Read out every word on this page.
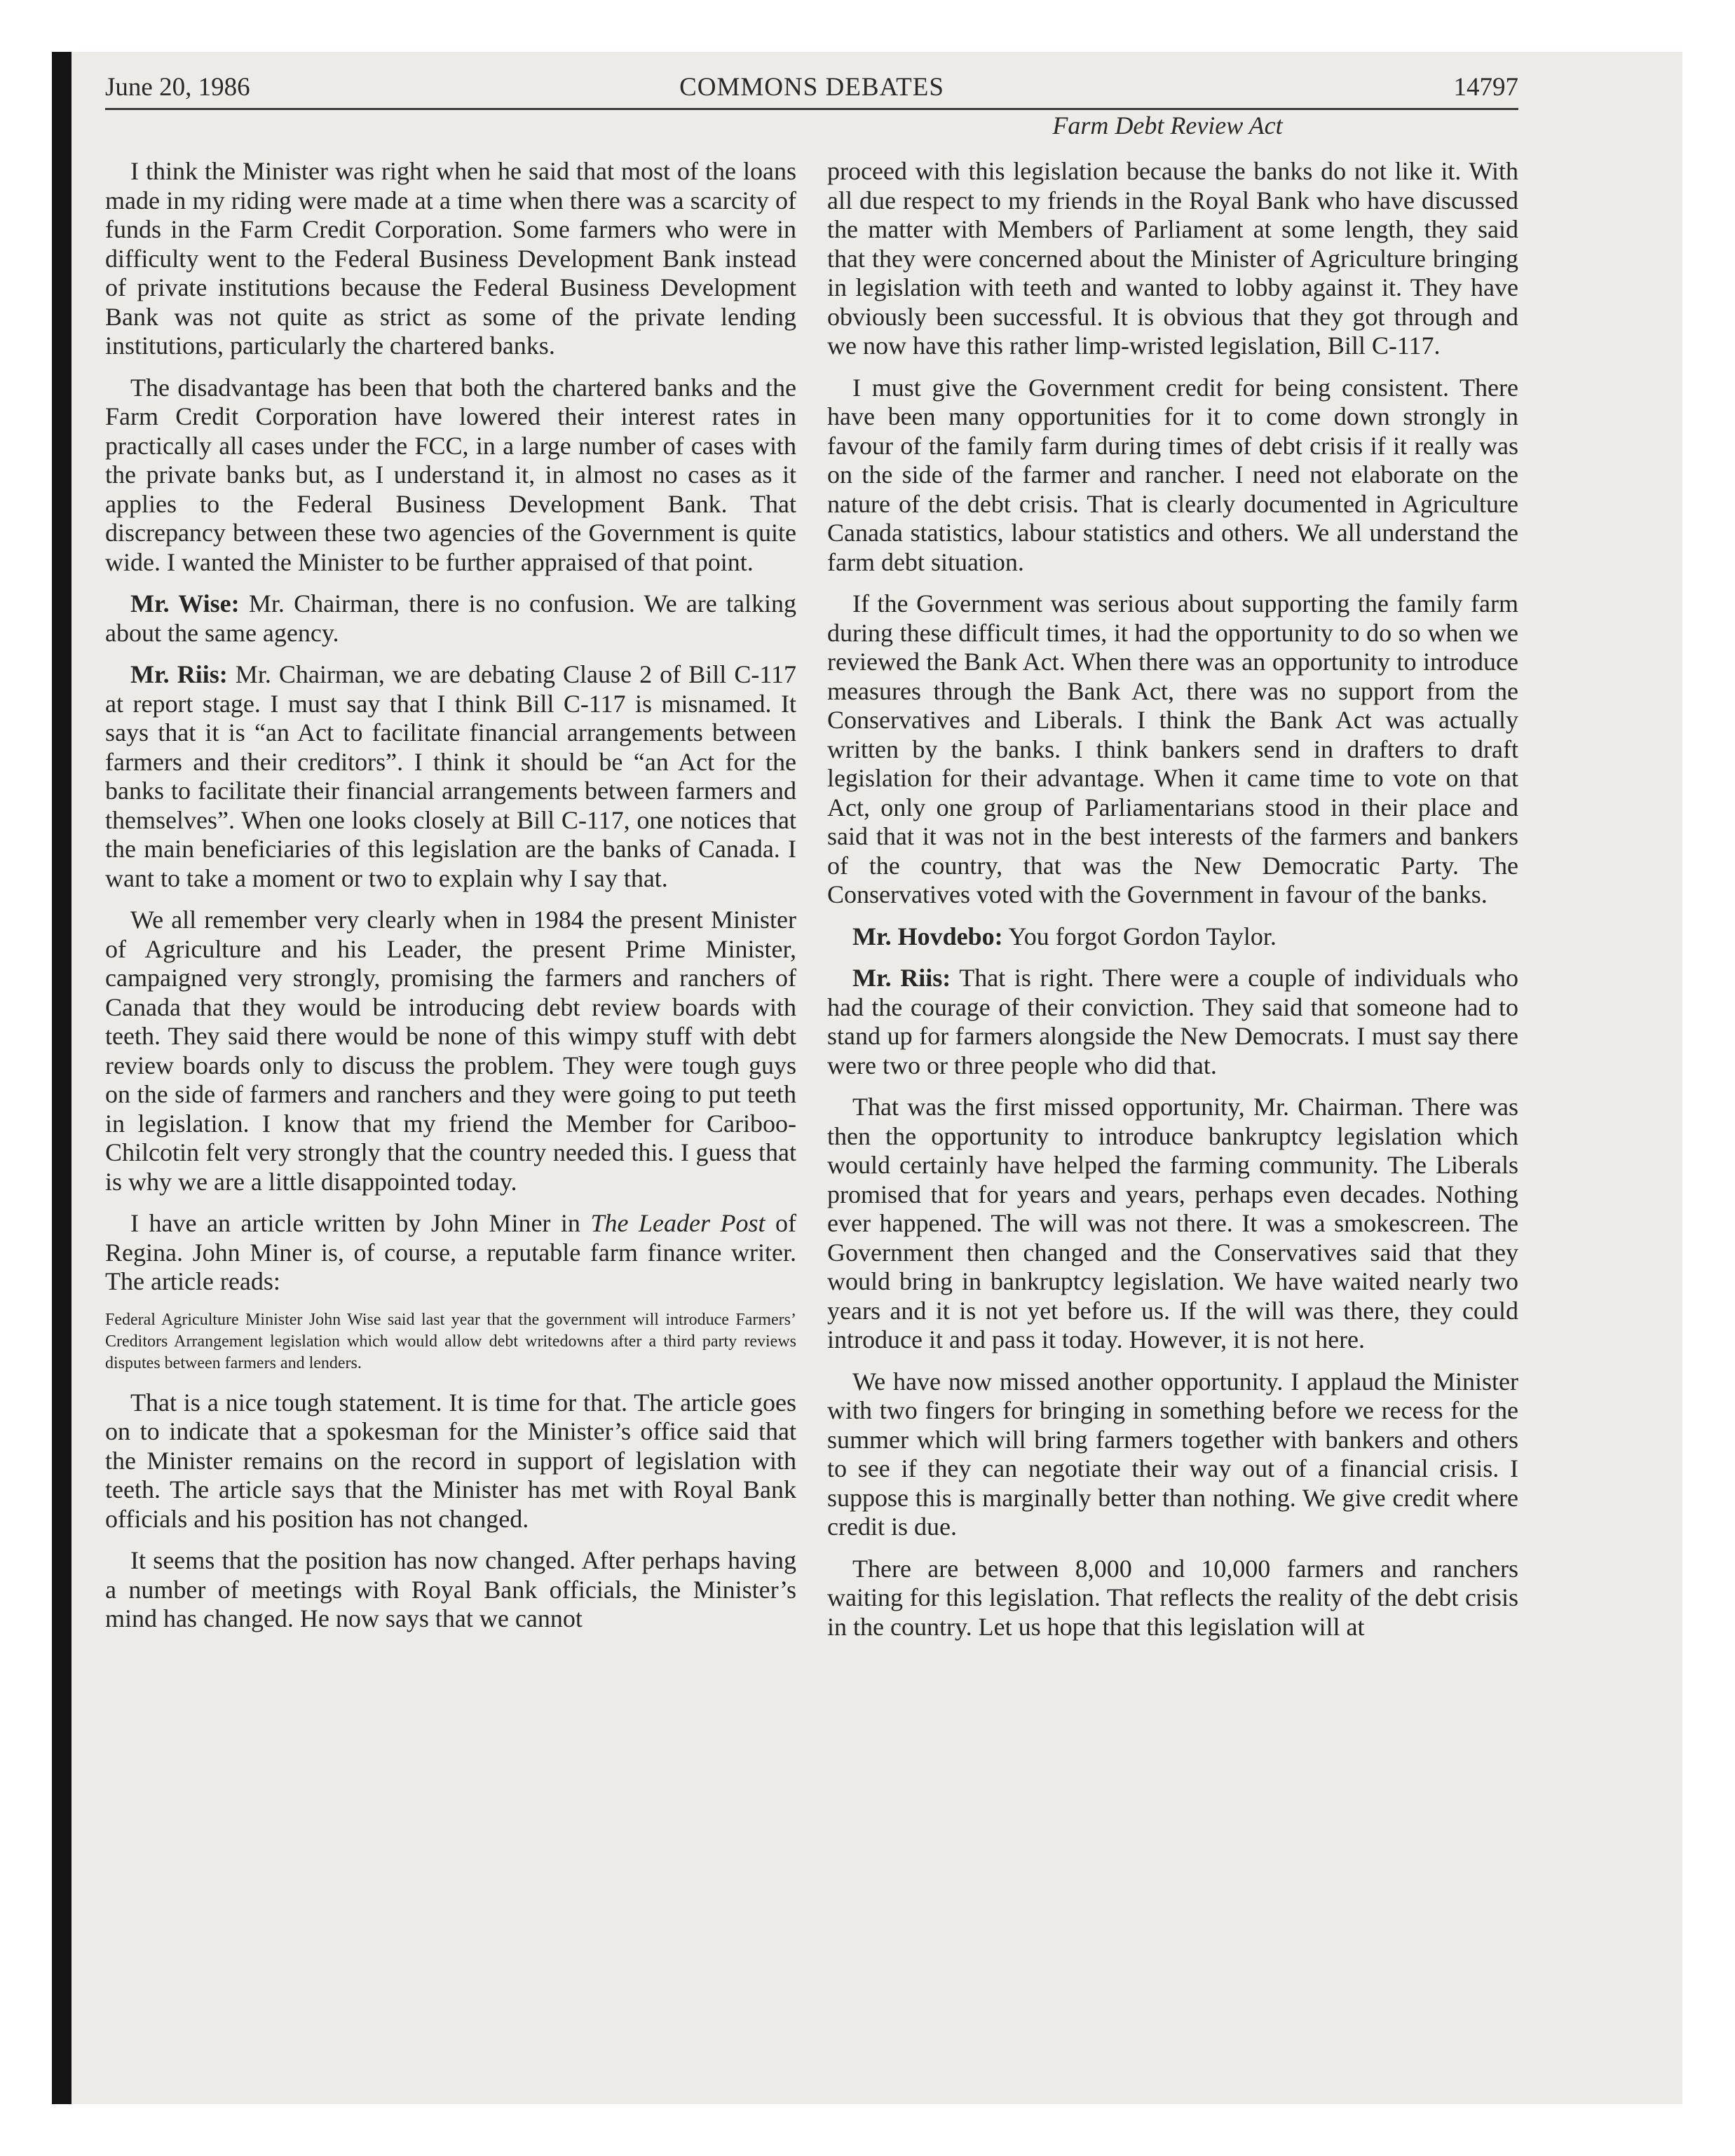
June 20, 1986	COMMONS DEBATES	14797
Farm Debt Review Act

I think the Minister was right when he said that most of the loans made in my riding were made at a time when there was a scarcity of funds in the Farm Credit Corporation. Some farmers who were in difficulty went to the Federal Business Development Bank instead of private institutions because the Federal Business Development Bank was not quite as strict as some of the private lending institutions, particularly the chartered banks.

The disadvantage has been that both the chartered banks and the Farm Credit Corporation have lowered their interest rates in practically all cases under the FCC, in a large number of cases with the private banks but, as I understand it, in almost no cases as it applies to the Federal Business Development Bank. That discrepancy between these two agencies of the Government is quite wide. I wanted the Minister to be further appraised of that point.

Mr. Wise: Mr. Chairman, there is no confusion. We are talking about the same agency.

Mr. Riis: Mr. Chairman, we are debating Clause 2 of Bill C-117 at report stage. I must say that I think Bill C-117 is misnamed. It says that it is “an Act to facilitate financial arrangements between farmers and their creditors”. I think it should be “an Act for the banks to facilitate their financial arrangements between farmers and themselves”. When one looks closely at Bill C-117, one notices that the main beneficiaries of this legislation are the banks of Canada. I want to take a moment or two to explain why I say that.

We all remember very clearly when in 1984 the present Minister of Agriculture and his Leader, the present Prime Minister, campaigned very strongly, promising the farmers and ranchers of Canada that they would be introducing debt review boards with teeth. They said there would be none of this wimpy stuff with debt review boards only to discuss the problem. They were tough guys on the side of farmers and ranchers and they were going to put teeth in legislation. I know that my friend the Member for Cariboo-Chilcotin felt very strongly that the country needed this. I guess that is why we are a little disappointed today.

I have an article written by John Miner in The Leader Post of Regina. John Miner is, of course, a reputable farm finance writer. The article reads:

Federal Agriculture Minister John Wise said last year that the government will introduce Farmers’ Creditors Arrangement legislation which would allow debt writedowns after a third party reviews disputes between farmers and lenders.

That is a nice tough statement. It is time for that. The article goes on to indicate that a spokesman for the Minister’s office said that the Minister remains on the record in support of legislation with teeth. The article says that the Minister has met with Royal Bank officials and his position has not changed.

It seems that the position has now changed. After perhaps having a number of meetings with Royal Bank officials, the Minister’s mind has changed. He now says that we cannot

proceed with this legislation because the banks do not like it. With all due respect to my friends in the Royal Bank who have discussed the matter with Members of Parliament at some length, they said that they were concerned about the Minister of Agriculture bringing in legislation with teeth and wanted to lobby against it. They have obviously been successful. It is obvious that they got through and we now have this rather limp-wristed legislation, Bill C-117.

I must give the Government credit for being consistent. There have been many opportunities for it to come down strongly in favour of the family farm during times of debt crisis if it really was on the side of the farmer and rancher. I need not elaborate on the nature of the debt crisis. That is clearly documented in Agriculture Canada statistics, labour statistics and others. We all understand the farm debt situation.

If the Government was serious about supporting the family farm during these difficult times, it had the opportunity to do so when we reviewed the Bank Act. When there was an opportunity to introduce measures through the Bank Act, there was no support from the Conservatives and Liberals. I think the Bank Act was actually written by the banks. I think bankers send in drafters to draft legislation for their advantage. When it came time to vote on that Act, only one group of Parliamentarians stood in their place and said that it was not in the best interests of the farmers and bankers of the country, that was the New Democratic Party. The Conservatives voted with the Government in favour of the banks.

Mr. Hovdebo: You forgot Gordon Taylor.

Mr. Riis: That is right. There were a couple of individuals who had the courage of their conviction. They said that someone had to stand up for farmers alongside the New Democrats. I must say there were two or three people who did that.

That was the first missed opportunity, Mr. Chairman. There was then the opportunity to introduce bankruptcy legislation which would certainly have helped the farming community. The Liberals promised that for years and years, perhaps even decades. Nothing ever happened. The will was not there. It was a smokescreen. The Government then changed and the Conservatives said that they would bring in bankruptcy legislation. We have waited nearly two years and it is not yet before us. If the will was there, they could introduce it and pass it today. However, it is not here.

We have now missed another opportunity. I applaud the Minister with two fingers for bringing in something before we recess for the summer which will bring farmers together with bankers and others to see if they can negotiate their way out of a financial crisis. I suppose this is marginally better than nothing. We give credit where credit is due.

There are between 8,000 and 10,000 farmers and ranchers waiting for this legislation. That reflects the reality of the debt crisis in the country. Let us hope that this legislation will at
